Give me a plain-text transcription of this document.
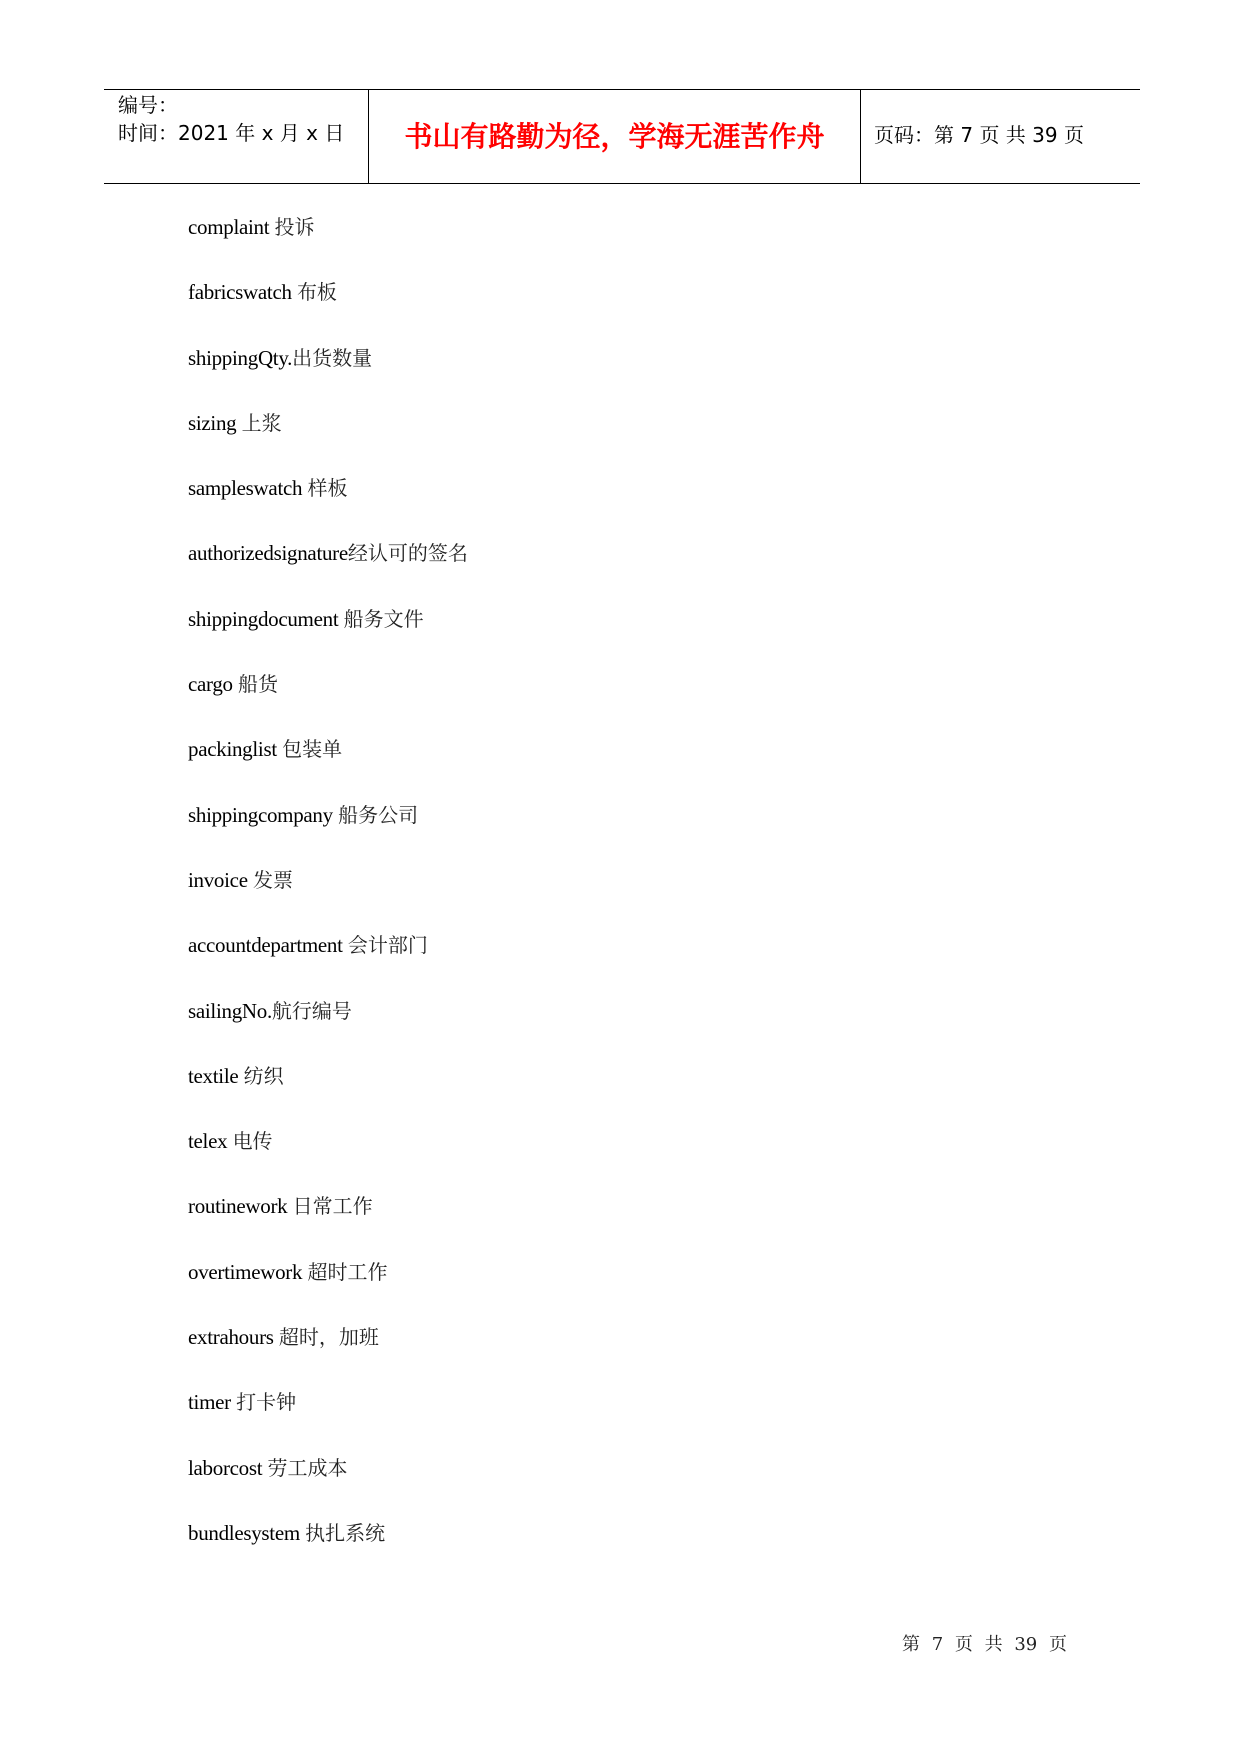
编号：
时间：2021 年 x 月 x 日	书山有路勤为径，学海无涯苦作舟	页码：第 7 页 共 39 页
complaint 投诉
fabricswatch 布板
shippingQty.出货数量
sizing 上浆
sampleswatch 样板
authorizedsignature经认可的签名
shippingdocument 船务文件
cargo 船货
packinglist 包装单
shippingcompany 船务公司
invoice 发票
accountdepartment 会计部门
sailingNo.航行编号
textile 纺织
telex 电传
routinework 日常工作
overtimework 超时工作
extrahours 超时，加班
timer 打卡钟
laborcost 劳工成本
bundlesystem 执扎系统
第 7 页 共 39 页
